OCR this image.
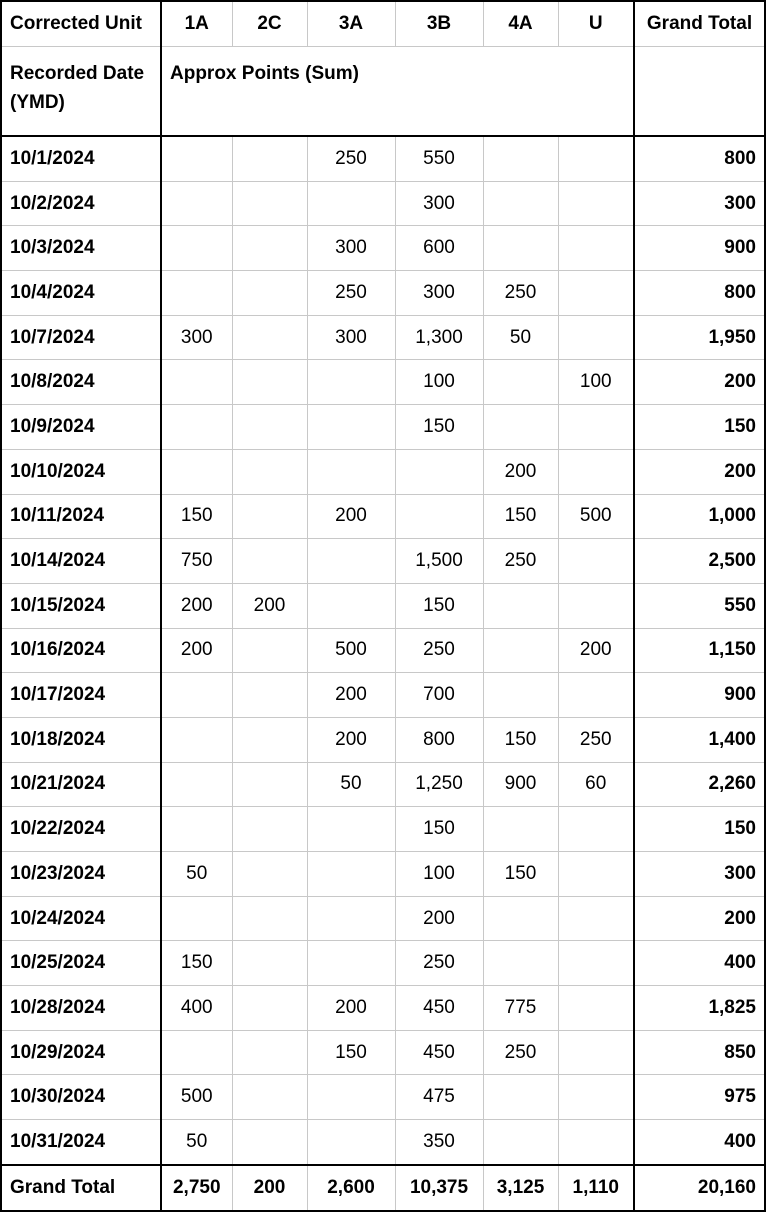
Corrected Unit	1A	2C	3A	3B	4A	U	Grand Total
Recorded Date (YMD)	Approx Points (Sum)						
10/1/2024			250	550			800
10/2/2024				300			300
10/3/2024			300	600			900
10/4/2024			250	300	250		800
10/7/2024	300		300	1,300	50		1,950
10/8/2024				100		100	200
10/9/2024				150			150
10/10/2024					200		200
10/11/2024	150		200		150	500	1,000
10/14/2024	750			1,500	250		2,500
10/15/2024	200	200		150			550
10/16/2024	200		500	250		200	1,150
10/17/2024			200	700			900
10/18/2024			200	800	150	250	1,400
10/21/2024			50	1,250	900	60	2,260
10/22/2024				150			150
10/23/2024	50			100	150		300
10/24/2024				200			200
10/25/2024	150			250			400
10/28/2024	400		200	450	775		1,825
10/29/2024			150	450	250		850
10/30/2024	500			475			975
10/31/2024	50			350			400
Grand Total	2,750	200	2,600	10,375	3,125	1,110	20,160
